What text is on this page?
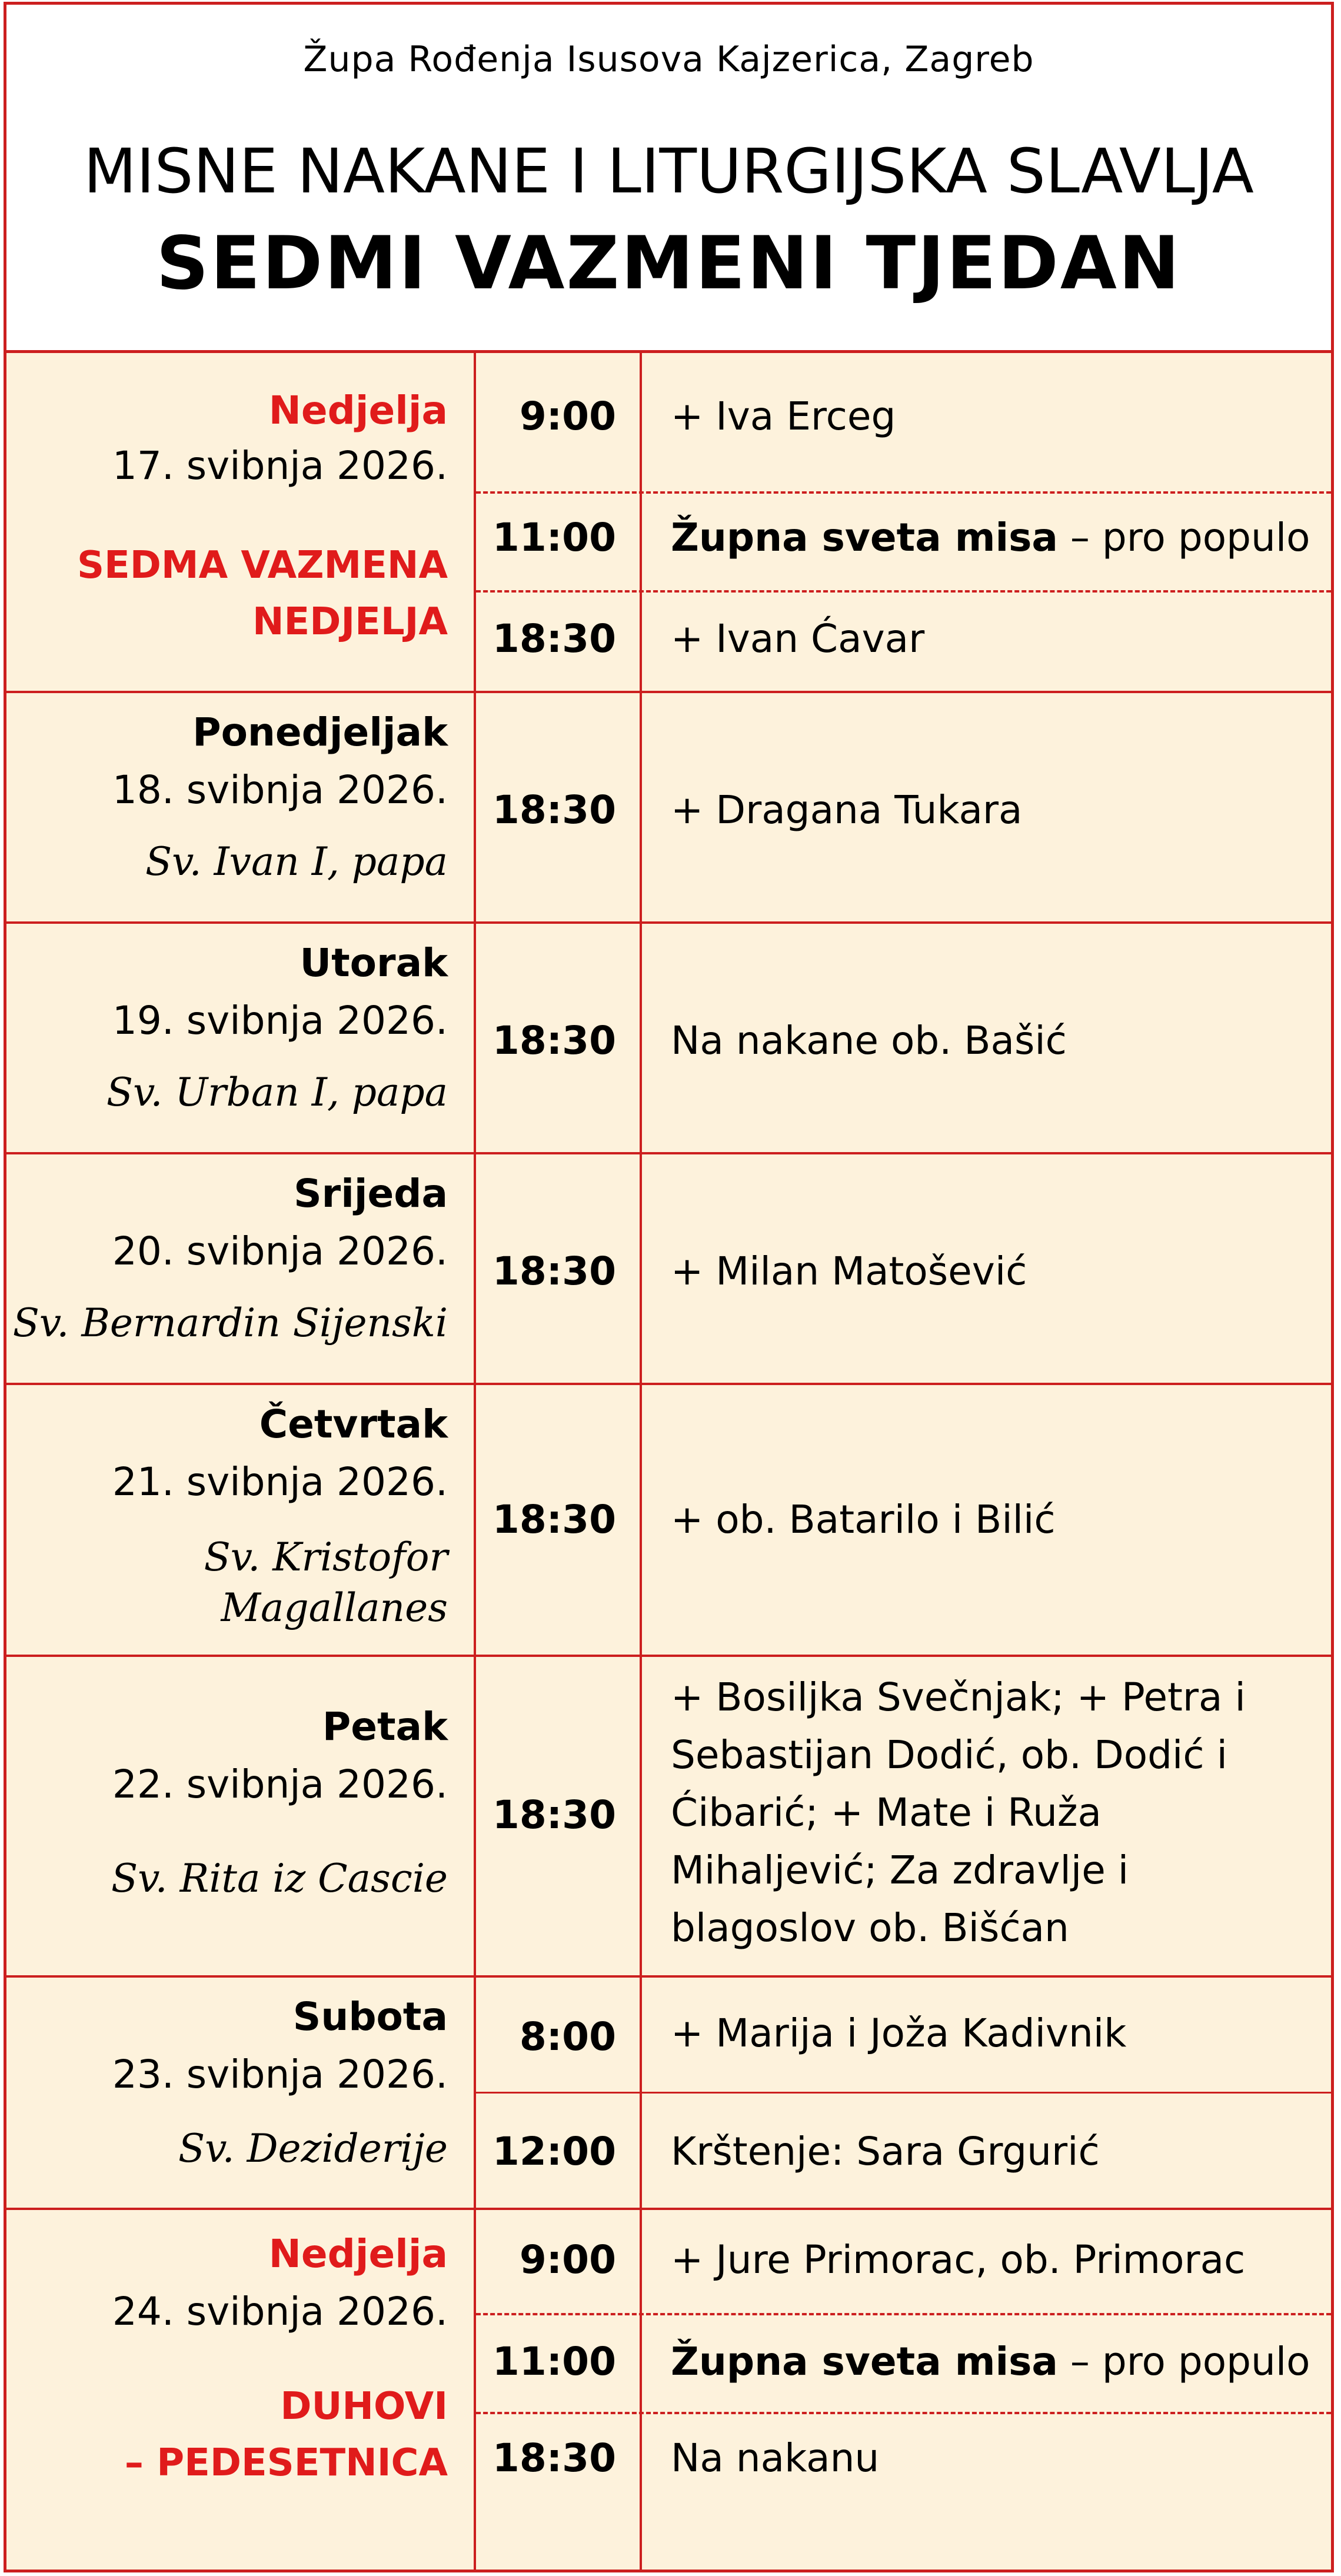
Župa Rođenja Isusova Kajzerica, Zagreb
MISNE NAKANE I LITURGIJSKA SLAVLJA
SEDMI VAZMENI TJEDAN
Nedjelja
17. svibnja 2026.
SEDMA VAZMENA
NEDJELJA
9:00 + Iva Erceg
11:00 Župna sveta misa – pro populo
18:30 + Ivan Ćavar
Ponedjeljak
18. svibnja 2026.
Sv. Ivan I, papa
18:30 + Dragana Tukara
Utorak
19. svibnja 2026.
Sv. Urban I, papa
18:30 Na nakane ob. Bašić
Srijeda
20. svibnja 2026.
Sv. Bernardin Sijenski
18:30 + Milan Matošević
Četvrtak
21. svibnja 2026.
Sv. Kristofor
Magallanes
18:30 + ob. Batarilo i Bilić
Petak
22. svibnja 2026.
Sv. Rita iz Cascie
18:30
+ Bosiljka Svečnjak; + Petra i
Sebastijan Dodić, ob. Dodić i
Ćibarić; + Mate i Ruža
Mihaljević; Za zdravlje i
blagoslov ob. Bišćan
Subota
23. svibnja 2026.
Sv. Deziderije
8:00 + Marija i Joža Kadivnik
12:00 Krštenje: Sara Grgurić
Nedjelja
24. svibnja 2026.
DUHOVI
– PEDESETNICA
9:00 + Jure Primorac, ob. Primorac
11:00 Župna sveta misa – pro populo
18:30 Na nakanu
